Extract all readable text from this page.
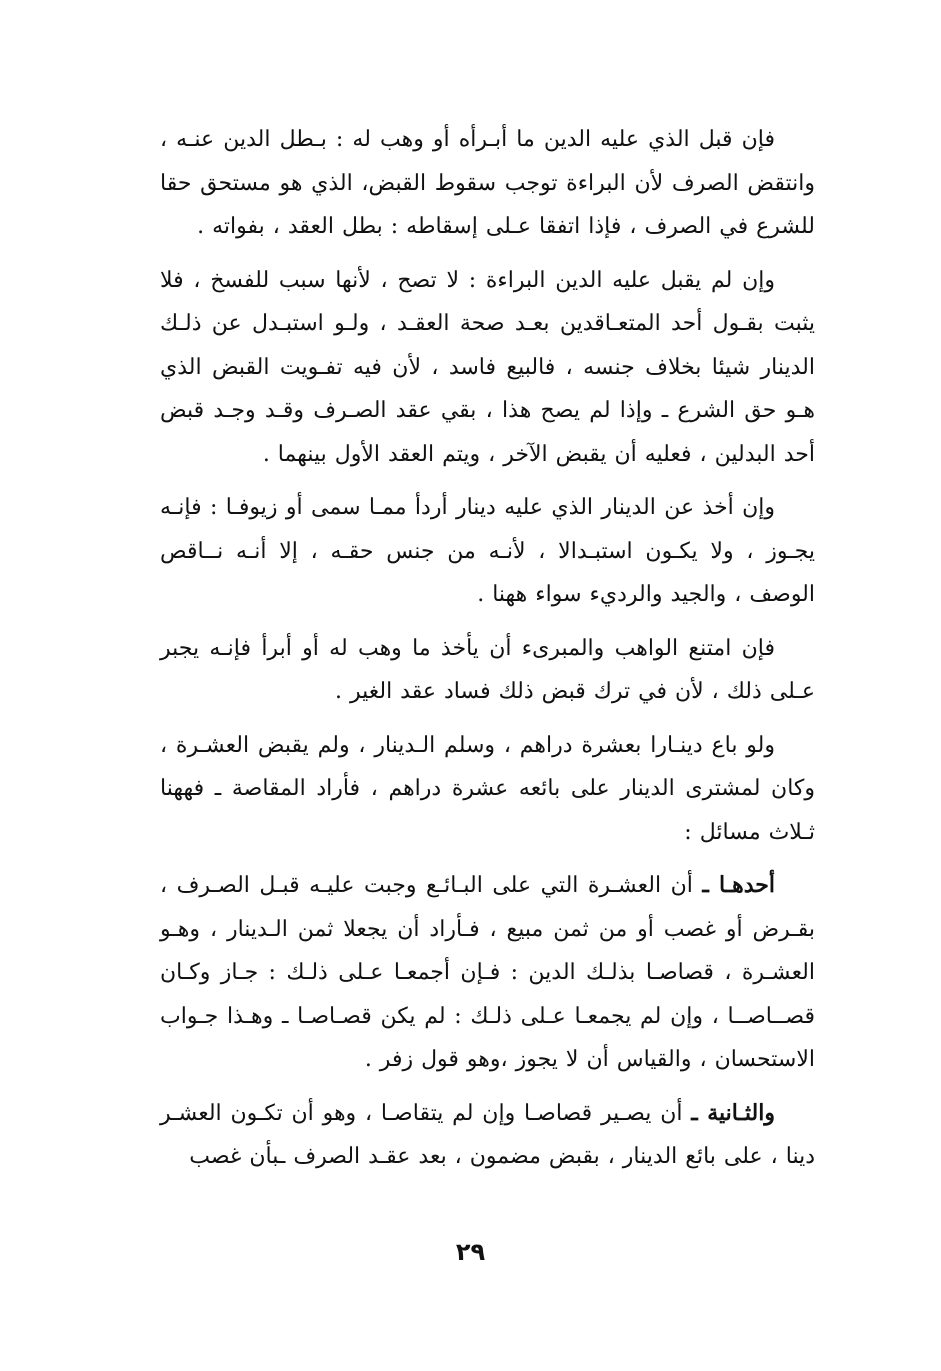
فإن قبل الذي عليه الدين ما أبـرأه أو وهب له : بـطل الدين عنـه ، وانتقض الصرف لأن البراءة توجب سقوط القبض، الذي هو مستحق حقا للشرع في الصرف ، فإذا اتفقا عـلى إسقاطه : بطل العقد ، بفواته .

وإن لم يقبل عليه الدين البراءة : لا تصح ، لأنها سبب للفسخ ، فلا يثبت بقـول أحد المتعـاقدين بعـد صحة العقـد ، ولـو استبـدل عن ذلـك الدينار شيئا بخلاف جنسه ، فالبيع فاسد ، لأن فيه تفـويت القبض الذي هـو حق الشرع ـ وإذا لم يصح هذا ، بقي عقد الصـرف وقـد وجـد قبض أحد البدلين ، فعليه أن يقبض الآخر ، ويتم العقد الأول بينهما .

وإن أخذ عن الدينار الذي عليه دينار أردأ ممـا سمى أو زيوفـا : فإنـه يجـوز ، ولا يكـون استبـدالا ، لأنـه من جنس حقـه ، إلا أنـه نــاقص الوصف ، والجيد والرديء سواء ههنا .

فإن امتنع الواهب والمبرىء أن يأخذ ما وهب له أو أبرأ فإنـه يجبر عـلى ذلك ، لأن في ترك قبض ذلك فساد عقد الغير .

ولو باع دينـارا بعشرة دراهم ، وسلم الـدينار ، ولم يقبض العشـرة ، وكان لمشترى الدينار على بائعه عشرة دراهم ، فأراد المقاصة ـ فههنا ثـلاث مسائل :

أحدهـا ـ أن العشـرة التي على البـائـع وجبت عليـه قبـل الصـرف ، بقـرض أو غصب أو من ثمن مبيع ، فـأراد أن يجعلا ثمن الـدينار ، وهـو العشـرة ، قصاصـا بذلـك الدين : فـإن أجمعـا عـلى ذلـك : جـاز وكـان قصــاصــا ، وإن لم يجمعـا عـلى ذلـك : لم يكن قصـاصـا ـ وهـذا جـواب الاستحسان ، والقياس أن لا يجوز ،وهو قول زفر .

والثـانية ـ أن يصـير قصاصـا وإن لم يتقاصـا ، وهو أن تكـون العشـر دينا ، على بائع الدينار ، بقبض مضمون ، بعد عقـد الصرف ـبأن غصب

٢٩
